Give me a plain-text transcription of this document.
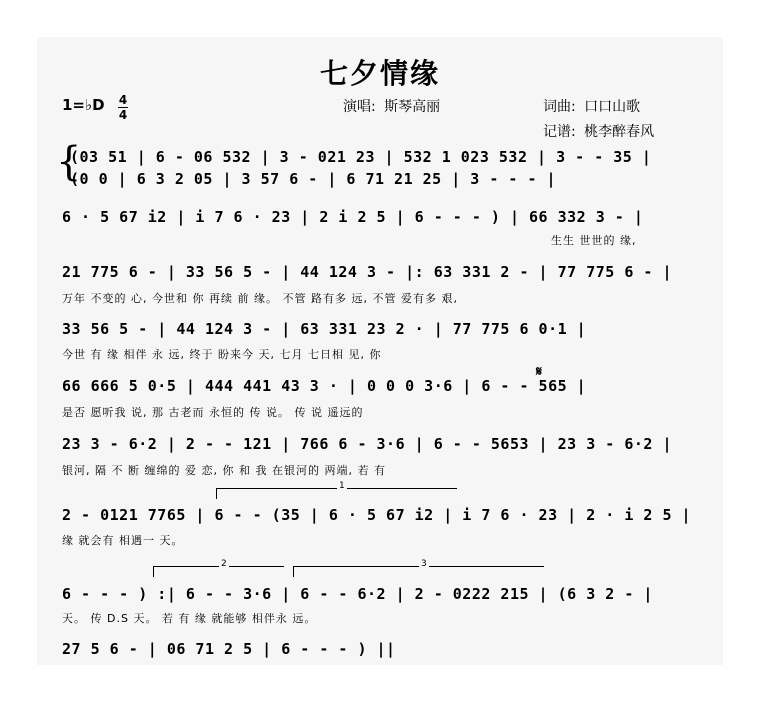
七夕情缘
1=♭D 4
4	演唱: 斯琴高丽	词曲: 口口山歌
记谱: 桃李醉春风
{
(03 51 | 6 - 06 532 | 3 - 021 23 | 532 1 023 532 | 3 - - 35 |
(0 0 | 6 3 2 05 | 3 57 6 - | 6 71 21 25 | 3 - - - |
6 · 5 67 i2 | i 7 6 · 23 | 2 i 2 5 | 6 - - - ) | 66 332 3 - |
生生 世世的 缘,
21 775 6 - | 33 56 5 - | 44 124 3 - |: 63 331 2 - | 77 775 6 - |
万年 不变的 心, 今世和 你 再续 前 缘。 不管 路有多 远, 不管 爱有多 艰,
33 56 5 - | 44 124 3 - | 63 331 23 2 · | 77 775 6 0·1 |
今世 有 缘 相伴 永 远, 终于 盼来今 天, 七月 七日相 见, 你
66 666 5 0·5 | 444 441 43 3 · | 0 0 0 3·6 | 6 - - 565 |
𝄋
是否 愿听我 说, 那 古老而 永恒的 传 说。 传 说 遥远的
23 3 - 6·2 | 2 - - 121 | 766 6 - 3·6 | 6 - - 5653 | 23 3 - 6·2 |
银河, 隔 不 断 缠绵的 爱 恋, 你 和 我 在银河的 两端, 若 有
1
2 - 0121 7765 | 6 - - (35 | 6 · 5 67 i2 | i 7 6 · 23 | 2 · i 2 5 |
缘 就会有 相遇一 天。
2	3
6 - - - ) :| 6 - - 3·6 | 6 - - 6·2 | 2 - 0222 215 | (6 3 2 - |
天。 传 D.S 天。 若 有 缘 就能够 相伴永 远。
27 5 6 - | 06 71 2 5 | 6 - - - ) ||
